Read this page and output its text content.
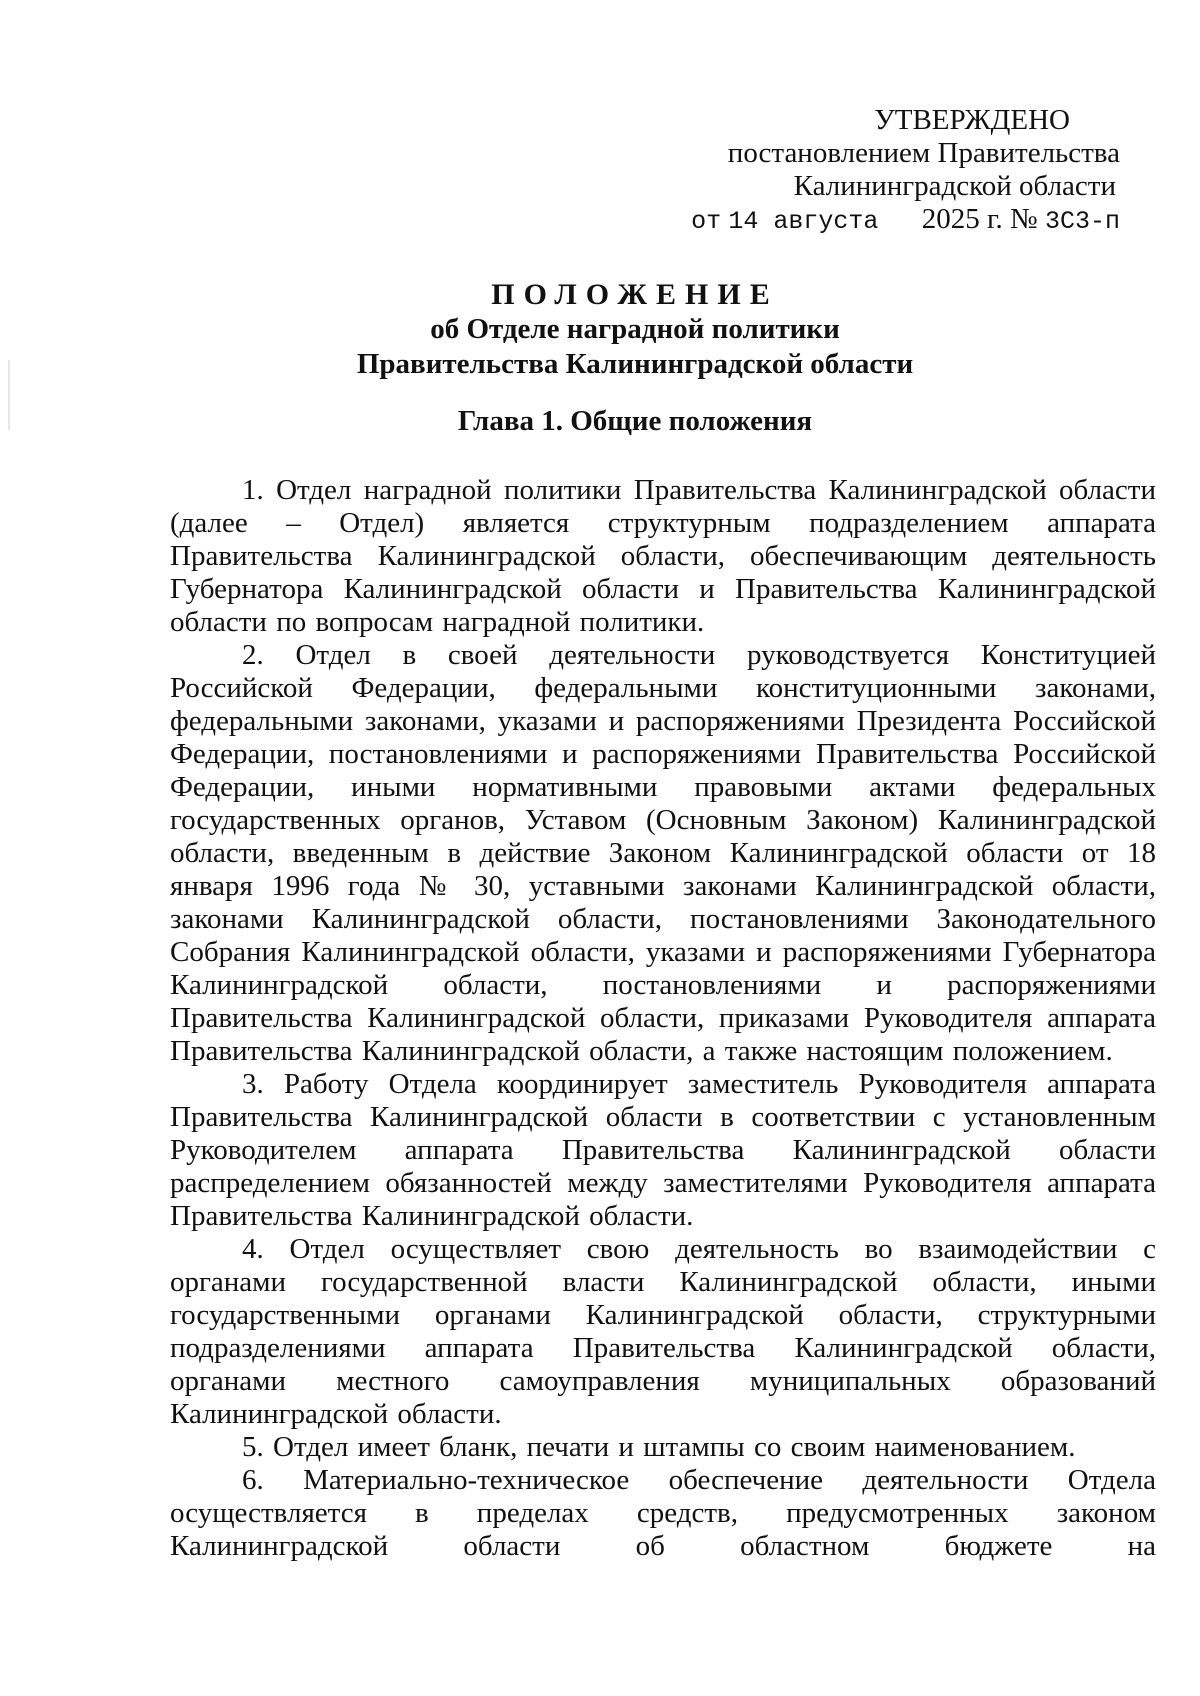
УТВЕРЖДЕНО
постановлением Правительства
Калининградской области
от 14 августа 2025 г. № 3С3-п
ПОЛОЖЕНИЕ
об Отделе наградной политики
Правительства Калининградской области
Глава 1. Общие положения

1. Отдел наградной политики Правительства Калининградской области (далее – Отдел) является структурным подразделением аппарата Правительства Калининградской области, обеспечивающим деятельность Губернатора Калининградской области и Правительства Калининградской области по вопросам наградной политики.

2. Отдел в своей деятельности руководствуется Конституцией Российской Федерации, федеральными конституционными законами, федеральными законами, указами и распоряжениями Президента Российской Федерации, постановлениями и распоряжениями Правительства Российской Федерации, иными нормативными правовыми актами федеральных государственных органов, Уставом (Основным Законом) Калининградской области, введенным в действие Законом Калининградской области от 18 января 1996 года № 30, уставными законами Калининградской области, законами Калининградской области, постановлениями Законодательного Собрания Калининградской области, указами и распоряжениями Губернатора Калининградской области, постановлениями и распоряжениями Правительства Калининградской области, приказами Руководителя аппарата Правительства Калининградской области, а также настоящим положением.

3. Работу Отдела координирует заместитель Руководителя аппарата Правительства Калининградской области в соответствии с установленным Руководителем аппарата Правительства Калининградской области распределением обязанностей между заместителями Руководителя аппарата Правительства Калининградской области.

4. Отдел осуществляет свою деятельность во взаимодействии с органами государственной власти Калининградской области, иными государственными органами Калининградской области, структурными подразделениями аппарата Правительства Калининградской области, органами местного самоуправления муниципальных образований Калининградской области.

5. Отдел имеет бланк, печати и штампы со своим наименованием.

6. Материально-техническое обеспечение деятельности Отдела осуществляется в пределах средств, предусмотренных законом Калининградской области об областном бюджете на
